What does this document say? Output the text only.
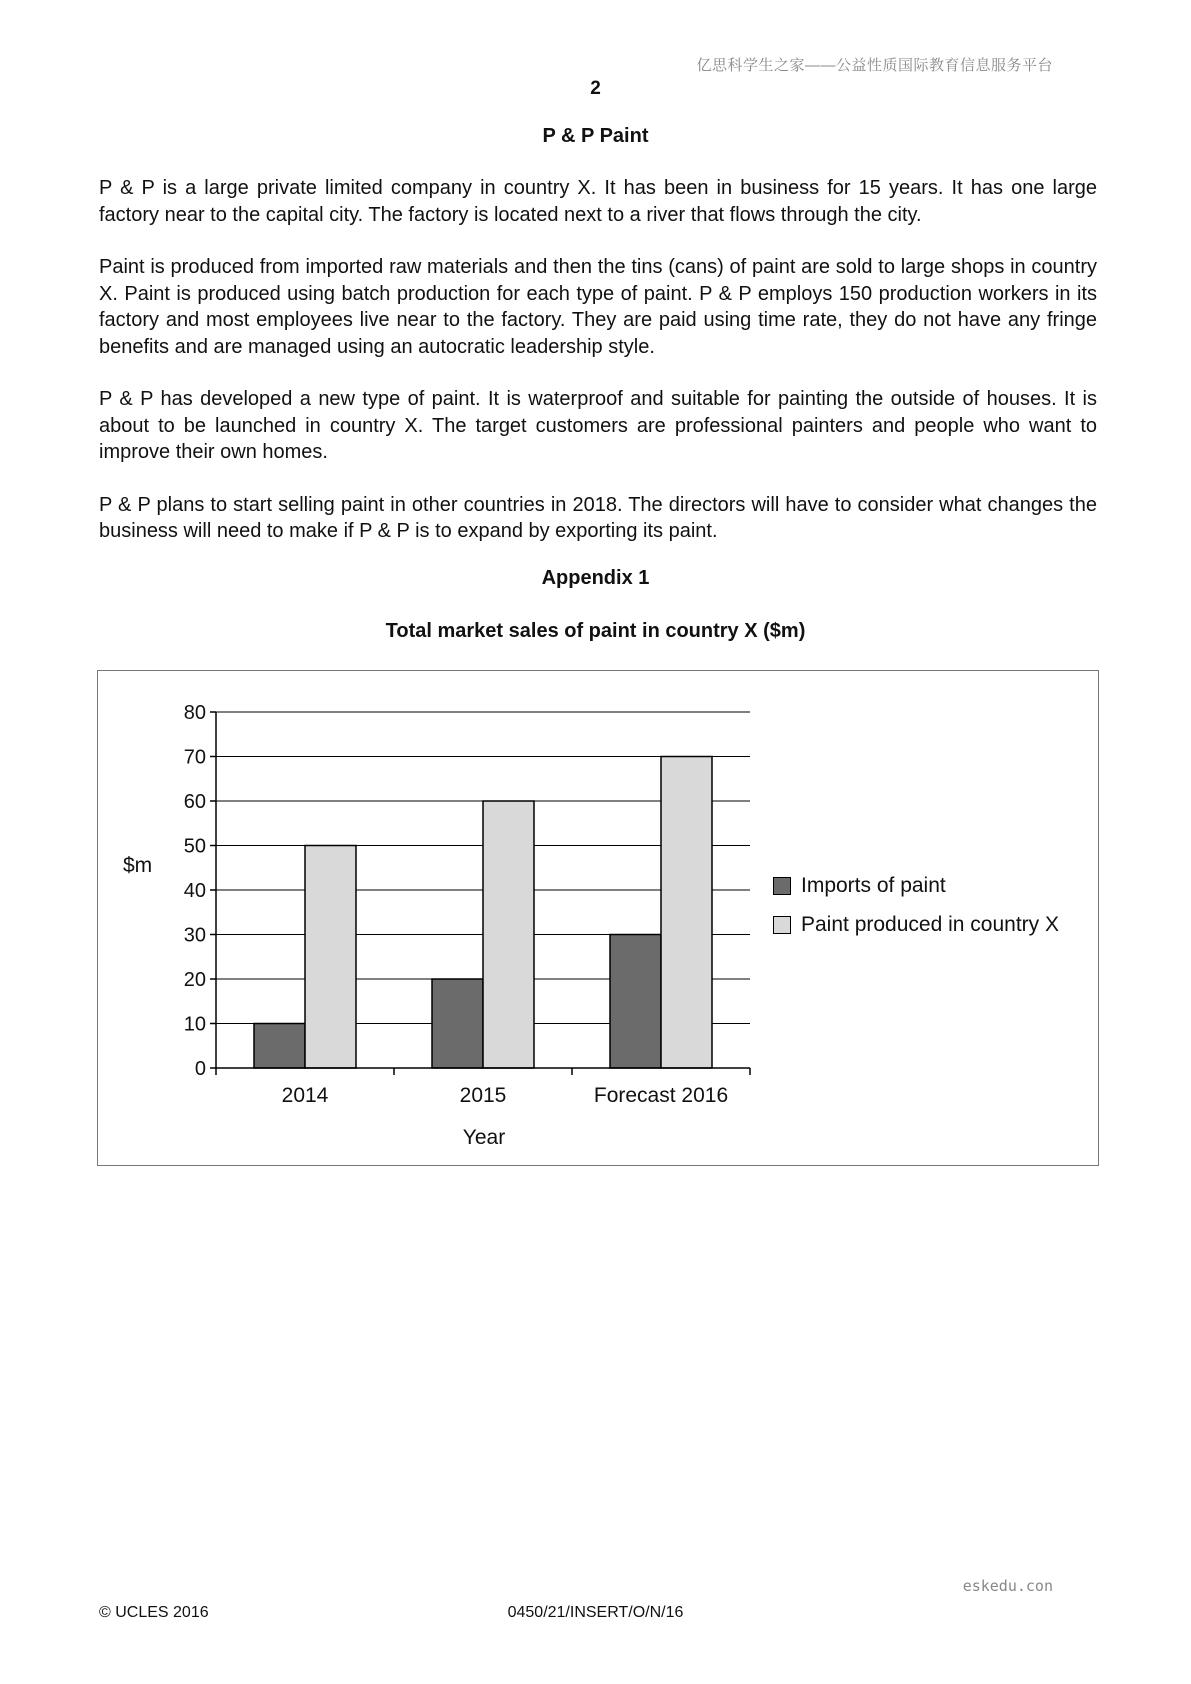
亿思科学生之家——公益性质国际教育信息服务平台
2
P & P Paint

P & P is a large private limited company in country X. It has been in business for 15 years. It has one large factory near to the capital city. The factory is located next to a river that flows through the city.

Paint is produced from imported raw materials and then the tins (cans) of paint are sold to large shops in country X. Paint is produced using batch production for each type of paint. P & P employs 150 production workers in its factory and most employees live near to the factory. They are paid using time rate, they do not have any fringe benefits and are managed using an autocratic leadership style.

P & P has developed a new type of paint. It is waterproof and suitable for painting the outside of houses. It is about to be launched in country X. The target customers are professional painters and people who want to improve their own homes.

P & P plans to start selling paint in other countries in 2018. The directors will have to consider what changes the business will need to make if P & P is to expand by exporting its paint.

Appendix 1
Total market sales of paint in country X ($m)
0
10
20
30
40
50
60
70
80
2014	2015	Forecast 2016
$m
Year
Imports of paint
Paint produced in country X
eskedu.con
© UCLES 2016	0450/21/INSERT/O/N/16
